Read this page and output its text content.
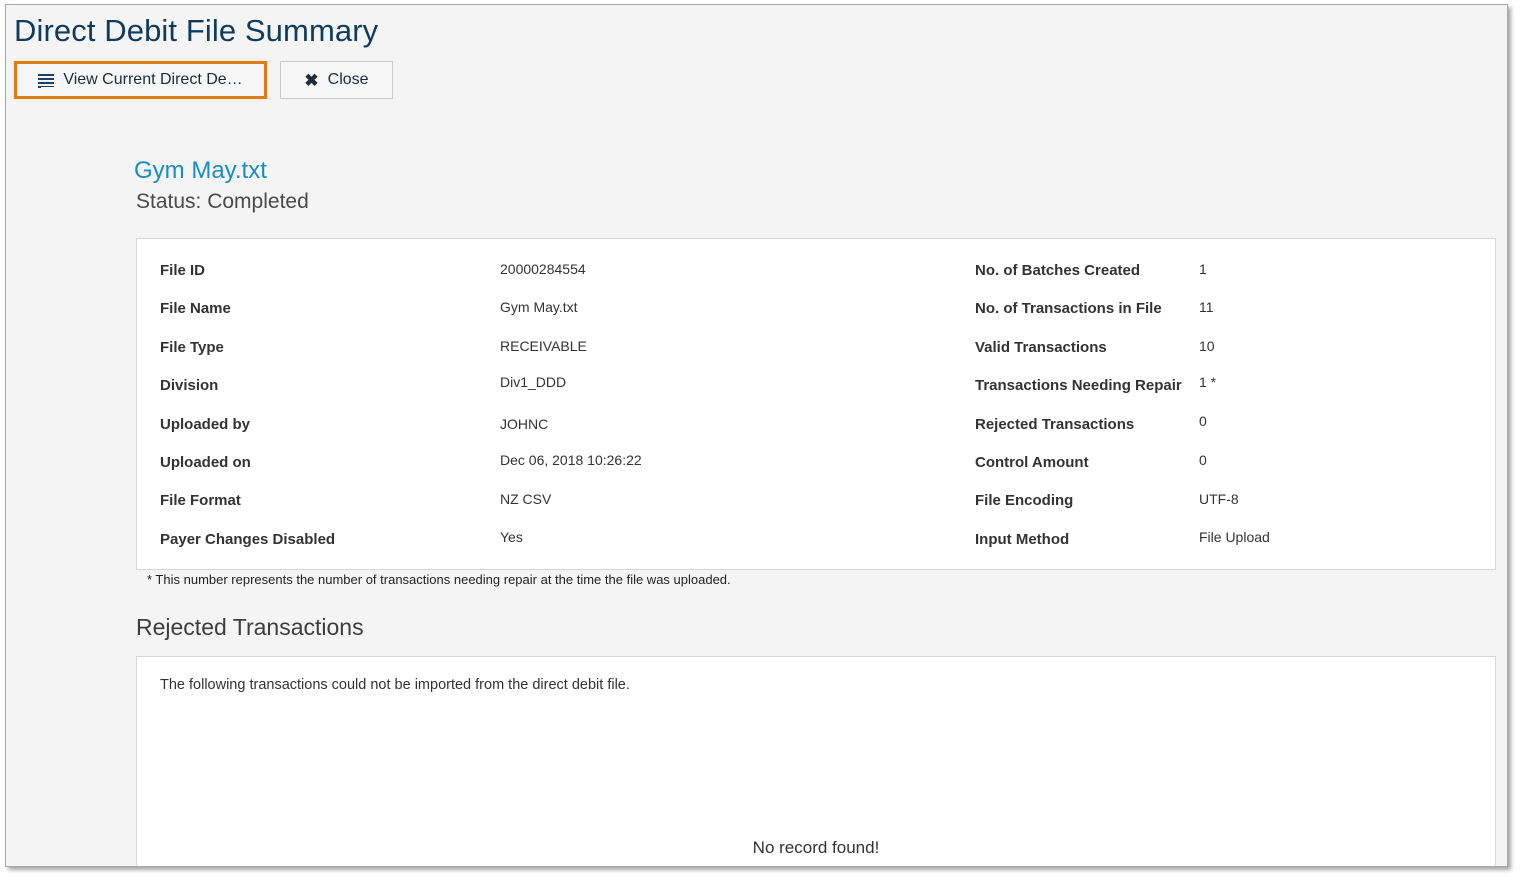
Direct Debit File Summary
View Current Direct De…	✖ Close
Gym May.txt
Status: Completed
File ID	20000284554	No. of Batches Created	1
File Name	Gym May.txt	No. of Transactions in File	11
File Type	RECEIVABLE	Valid Transactions	10
Division	Div1_DDD	Transactions Needing Repair 1 *
Uploaded by	JOHNC	Rejected Transactions	0
Uploaded on	Dec 06, 2018 10:26:22	Control Amount	0
File Format	NZ CSV	File Encoding	UTF-8
Payer Changes Disabled	Yes	Input Method	File Upload
* This number represents the number of transactions needing repair at the time the file was uploaded.
Rejected Transactions
The following transactions could not be imported from the direct debit file.
No record found!
